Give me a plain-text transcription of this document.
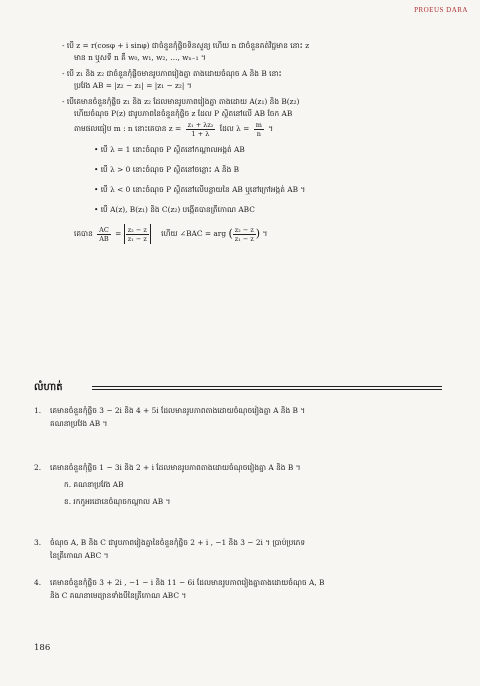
PROEUS DARA
- បើ z = r(cosφ + i sinφ) ជាចំនួនកុំផ្លិចទិនសួន្យ ហើយ n ជាចំនួនគត់វិជ្ជមាន នោះ z
មាន n ឬសទី n គឺ w₀, w₁, w₂, …, wₙ₋₁ ។
- បើ z₁ និង z₂ ជាចំនួនកុំផ្លិចមានរូបភាពរៀងគ្នា តាងដោយចំណុច A និង B នោះ
ប្រវែង AB = |z₂ − z₁| = |z₁ − z₂| ។
- បើគេមានចំនួនកុំផ្លិច z₁ និង z₂ ដែលមានរូបភាពរៀងគ្នា តាងដោយ A(z₁) និង B(z₂)
ហើយចំណុច P(z) ជារូបភាពនៃចំនួនកុំផ្លិច z ដែល P ស្ថិតនៅលើ AB ចែក AB
តាមផលធៀប m : n នោះគេបាន $z = \frac{\text{z₁ + λz₂}}{1 + \lambda}$ ដែល $\lambda = \frac{m}{n}$ ។
• បើ λ = 1 នោះចំណុច P ស្ថិតនៅកណ្ដាលអង្កត់ AB
• បើ λ > 0 នោះចំណុច P ស្ថិតនៅចន្លោះ A និង B
• បើ λ < 0 នោះចំណុច P ស្ថិតនៅលើបន្លាយនៃ AB ឬនៅក្រៅអង្កត់ AB ។
• បើ A(z), B(z₁) និង C(z₂) បង្កើតបានត្រីកោណ ABC
គេបាន $\frac{AC}{AB} = \frac{\text{z₂ − z}}{\text{z₁ − z}}$ ហើយ ∠BAC = arg ( $\frac{\text{z₂ − z}}{\text{z₁ − z}}$ ) ។
លំហាត់
1. គេមានចំនួនកុំផ្លិច 3 − 2i និង 4 + 5i ដែលមានរូបភាពតាងដោយចំណុចរៀងគ្នា A និង B ។
គណនាប្រវែង AB ។
2. គេមានចំនួនកុំផ្លិច 1 − 3i និង 2 + i ដែលមានរូបភាពតាងដោយចំណុចរៀងគ្នា A និង B ។
ក. គណនាប្រវែង AB
ខ. រកកូអរដោនេចំណុចកណ្ដាល AB ។
3. ចំណុច A, B និង C ជារូបភាពរៀងគ្នានៃចំនួនកុំផ្លិច 2 + i , −1 និង 3 − 2i ។ ប្រាប់ប្រភេទ
នៃត្រីកោណ ABC ។
4. គេមានចំនួនកុំផ្លិច 3 + 2i , −1 − i និង 11 − 6i ដែលមានរូបភាពរៀងគ្នាតាងដោយចំណុច A, B
និង C គណនាមេដ្យានទាំងបីនៃត្រីកោណ ABC ។
186
